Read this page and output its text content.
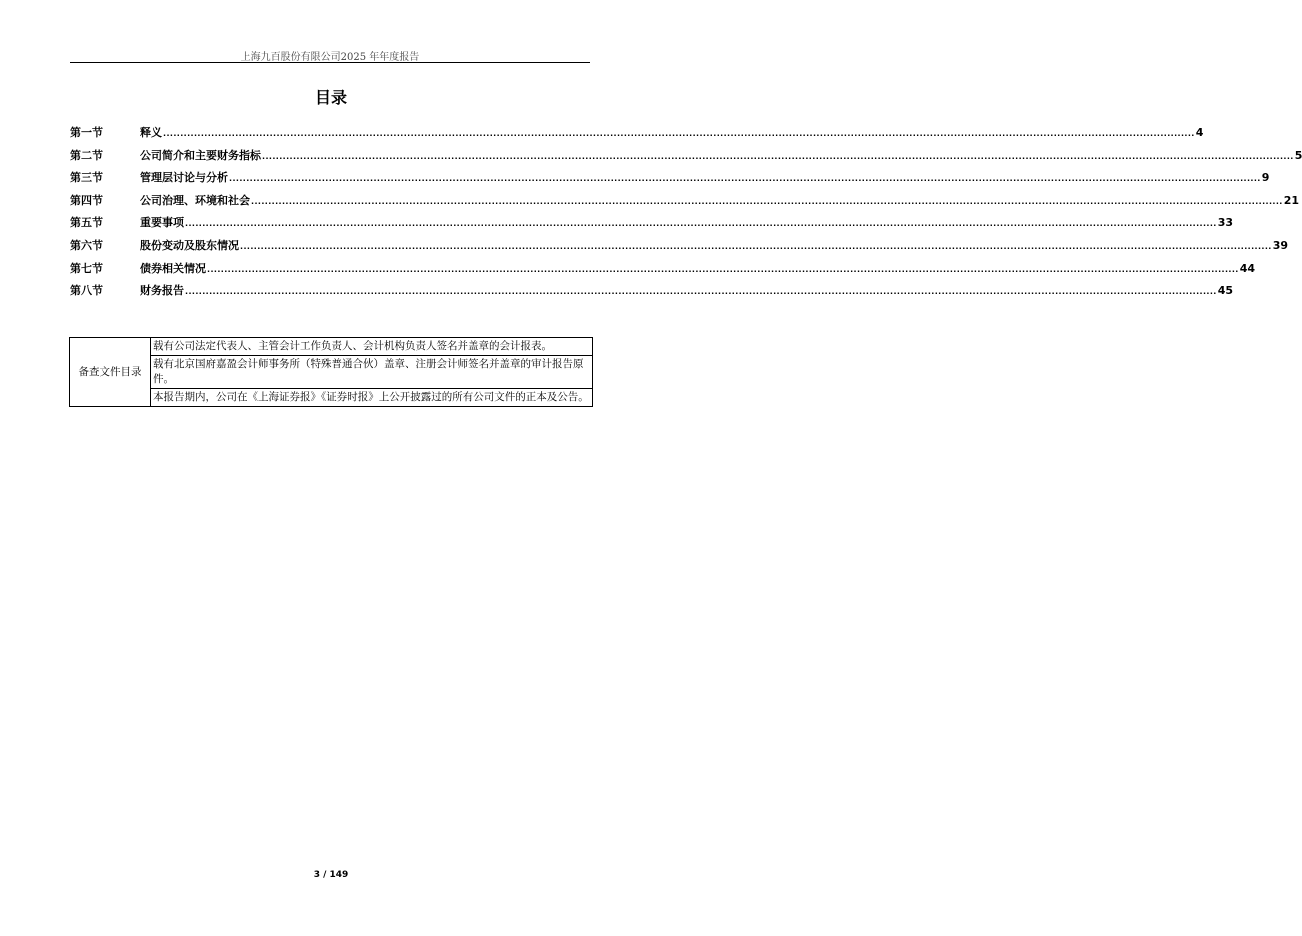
上海九百股份有限公司2025 年年度报告
目录
第一节	释义 ............................................................................................................................................................................................................................................................................................................ 4
第二节	公司简介和主要财务指标 ............................................................................................................................................................................................................................................................................................................ 5
第三节	管理层讨论与分析 ............................................................................................................................................................................................................................................................................................................ 9
第四节	公司治理、环境和社会 ............................................................................................................................................................................................................................................................................................................ 21
第五节	重要事项 ............................................................................................................................................................................................................................................................................................................ 33
第六节	股份变动及股东情况 ............................................................................................................................................................................................................................................................................................................ 39
第七节	债券相关情况 ............................................................................................................................................................................................................................................................................................................ 44
第八节	财务报告 ............................................................................................................................................................................................................................................................................................................ 45
备查文件目录	载有公司法定代表人、主管会计工作负责人、会计机构负责人签名并盖章的会计报表。
载有北京国府嘉盈会计师事务所（特殊普通合伙）盖章、注册会计师签名并盖章的审计报告原件。
本报告期内，公司在《上海证券报》《证券时报》上公开披露过的所有公司文件的正本及公告。
3 / 149
